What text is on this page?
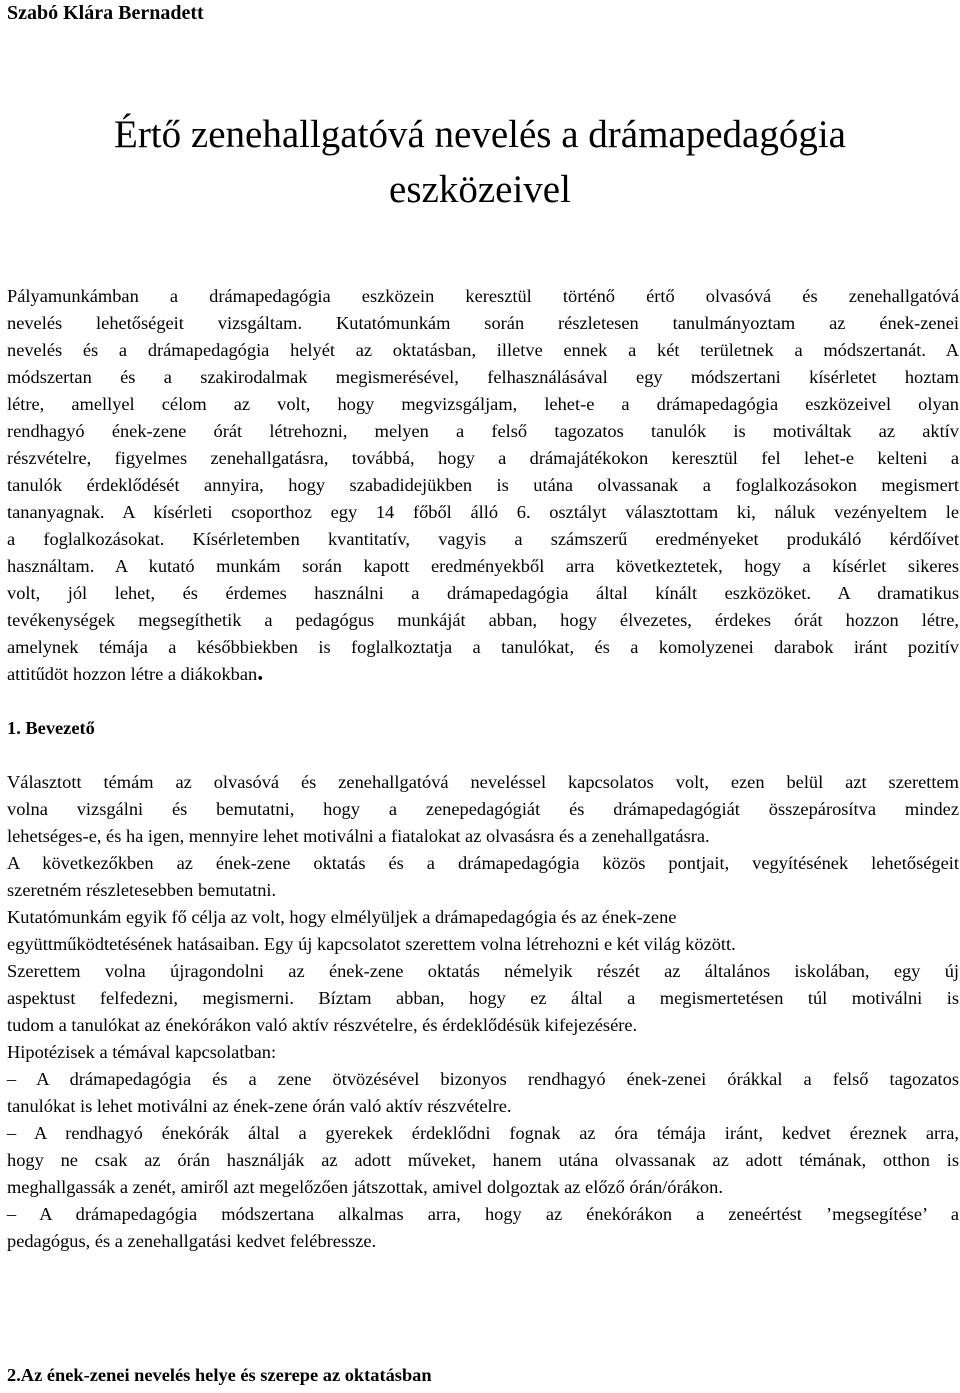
Szabó Klára Bernadett

Értő zenehallgatóvá nevelés a drámapedagógia
eszközeivel
Pályamunkámban a drámapedagógia eszközein keresztül történő értő olvasóvá és zenehallgatóvá
nevelés lehetőségeit vizsgáltam. Kutatómunkám során részletesen tanulmányoztam az ének-zenei
nevelés és a drámapedagógia helyét az oktatásban, illetve ennek a két területnek a módszertanát. A
módszertan és a szakirodalmak megismerésével, felhasználásával egy módszertani kísérletet hoztam
létre, amellyel célom az volt, hogy megvizsgáljam, lehet-e a drámapedagógia eszközeivel olyan
rendhagyó ének-zene órát létrehozni, melyen a felső tagozatos tanulók is motiváltak az aktív
részvételre, figyelmes zenehallgatásra, továbbá, hogy a drámajátékokon keresztül fel lehet-e kelteni a
tanulók érdeklődését annyira, hogy szabadidejükben is utána olvassanak a foglalkozásokon megismert
tananyagnak. A kísérleti csoporthoz egy 14 főből álló 6. osztályt választottam ki, náluk vezényeltem le
a foglalkozásokat. Kísérletemben kvantitatív, vagyis a számszerű eredményeket produkáló kérdőívet
használtam. A kutató munkám során kapott eredményekből arra következtetek, hogy a kísérlet sikeres
volt, jól lehet, és érdemes használni a drámapedagógia által kínált eszközöket. A dramatikus
tevékenységek megsegíthetik a pedagógus munkáját abban, hogy élvezetes, érdekes órát hozzon létre,
amelynek témája a későbbiekben is foglalkoztatja a tanulókat, és a komolyzenei darabok iránt pozitív
attitűdöt hozzon létre a diákokban.

1. Bevezető

Választott témám az olvasóvá és zenehallgatóvá neveléssel kapcsolatos volt, ezen belül azt szerettem
volna vizsgálni és bemutatni, hogy a zenepedagógiát és drámapedagógiát összepárosítva mindez
lehetséges-e, és ha igen, mennyire lehet motiválni a fiatalokat az olvasásra és a zenehallgatásra.
A következőkben az ének-zene oktatás és a drámapedagógia közös pontjait, vegyítésének lehetőségeit
szeretném részletesebben bemutatni.
Kutatómunkám egyik fő célja az volt, hogy elmélyüljek a drámapedagógia és az ének-zene
együttműködtetésének hatásaiban. Egy új kapcsolatot szerettem volna létrehozni e két világ között.
Szerettem volna újragondolni az ének-zene oktatás némelyik részét az általános iskolában, egy új
aspektust felfedezni, megismerni. Bíztam abban, hogy ez által a megismertetésen túl motiválni is
tudom a tanulókat az énekórákon való aktív részvételre, és érdeklődésük kifejezésére.
Hipotézisek a témával kapcsolatban:
– A drámapedagógia és a zene ötvözésével bizonyos rendhagyó ének-zenei órákkal a felső tagozatos
tanulókat is lehet motiválni az ének-zene órán való aktív részvételre.
– A rendhagyó énekórák által a gyerekek érdeklődni fognak az óra témája iránt, kedvet éreznek arra,
hogy ne csak az órán használják az adott műveket, hanem utána olvassanak az adott témának, otthon is
meghallgassák a zenét, amiről azt megelőzően játszottak, amivel dolgoztak az előző órán/órákon.
– A drámapedagógia módszertana alkalmas arra, hogy az énekórákon a zeneértést ’megsegítése’ a
pedagógus, és a zenehallgatási kedvet felébressze.

2.Az ének-zenei nevelés helye és szerepe az oktatásban
